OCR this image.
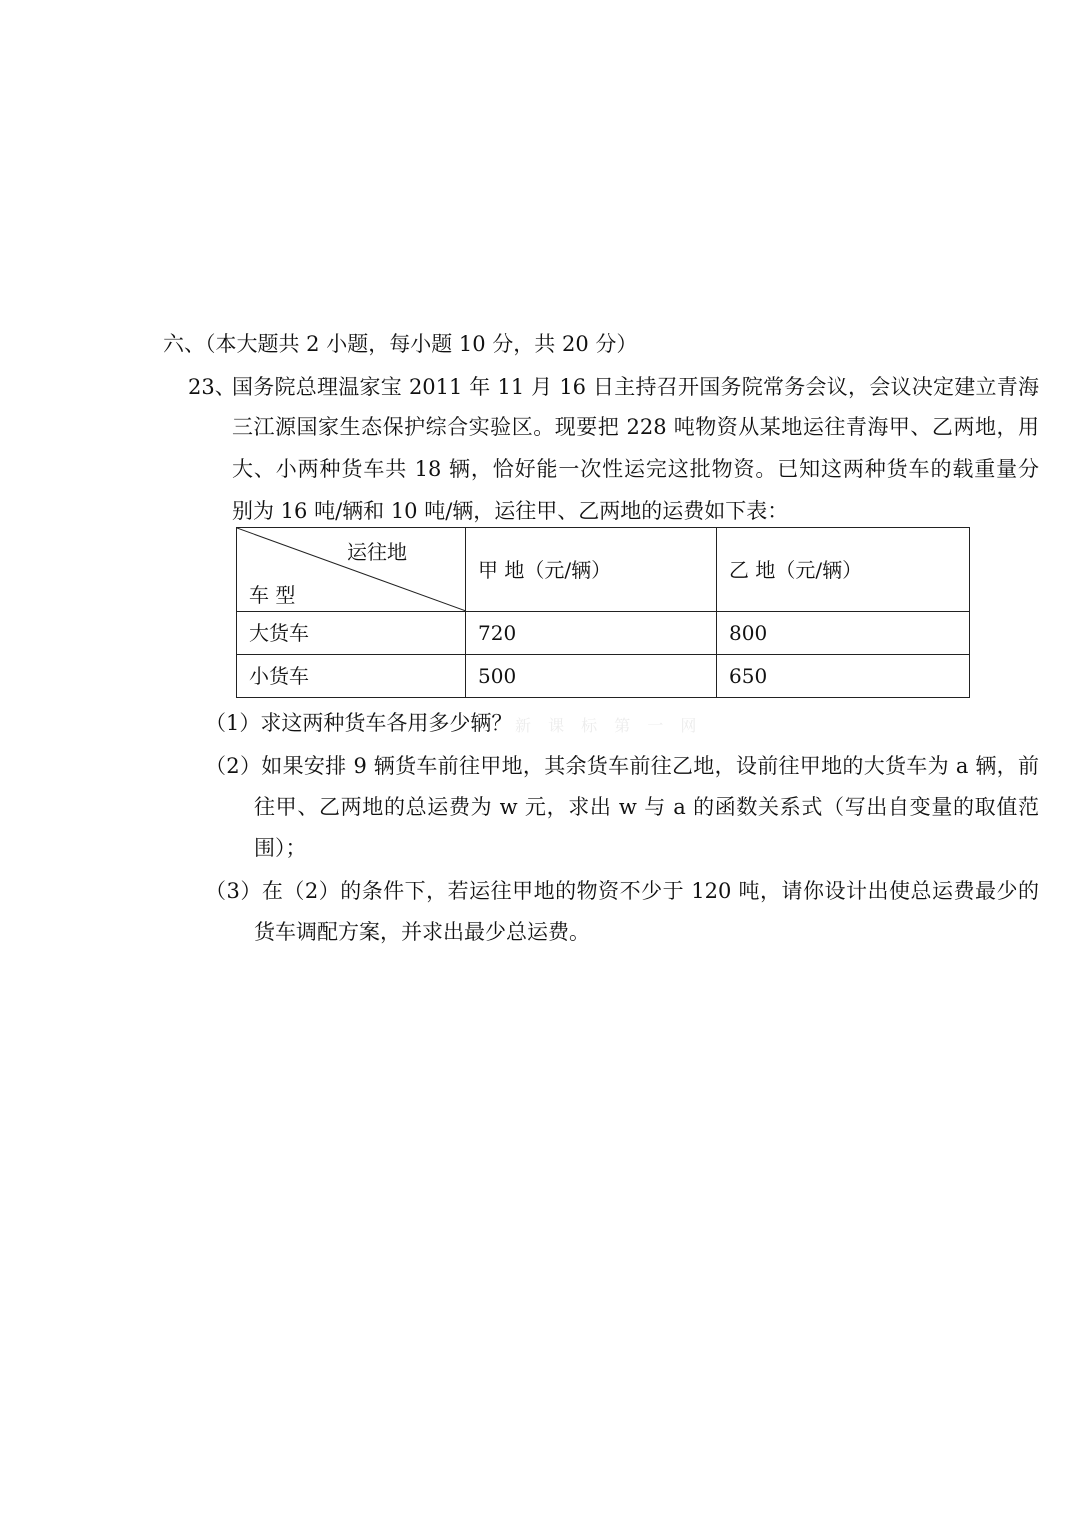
六、（本大题共 2 小题，每小题 10 分，共 20 分）
23、
国务院总理温家宝 2011 年 11 月 16 日主持召开国务院常务会议，会议决定建立青海
三江源国家生态保护综合实验区。现要把 228 吨物资从某地运往青海甲、乙两地，用
大、小两种货车共 18 辆，恰好能一次性运完这批物资。已知这两种货车的载重量分
别为 16 吨/辆和 10 吨/辆，运往甲、乙两地的运费如下表：
运往地
车 型	甲 地（元/辆）	乙 地（元/辆）
大货车	720	800
小货车	500	650
（1）求这两种货车各用多少辆？ 新 课 标 第 一 网
（2）如果安排 9 辆货车前往甲地，其余货车前往乙地，设前往甲地的大货车为 a 辆，前
往甲、乙两地的总运费为 w 元，求出 w 与 a 的函数关系式（写出自变量的取值范
围）；
（3）在（2）的条件下，若运往甲地的物资不少于 120 吨，请你设计出使总运费最少的
货车调配方案，并求出最少总运费。
